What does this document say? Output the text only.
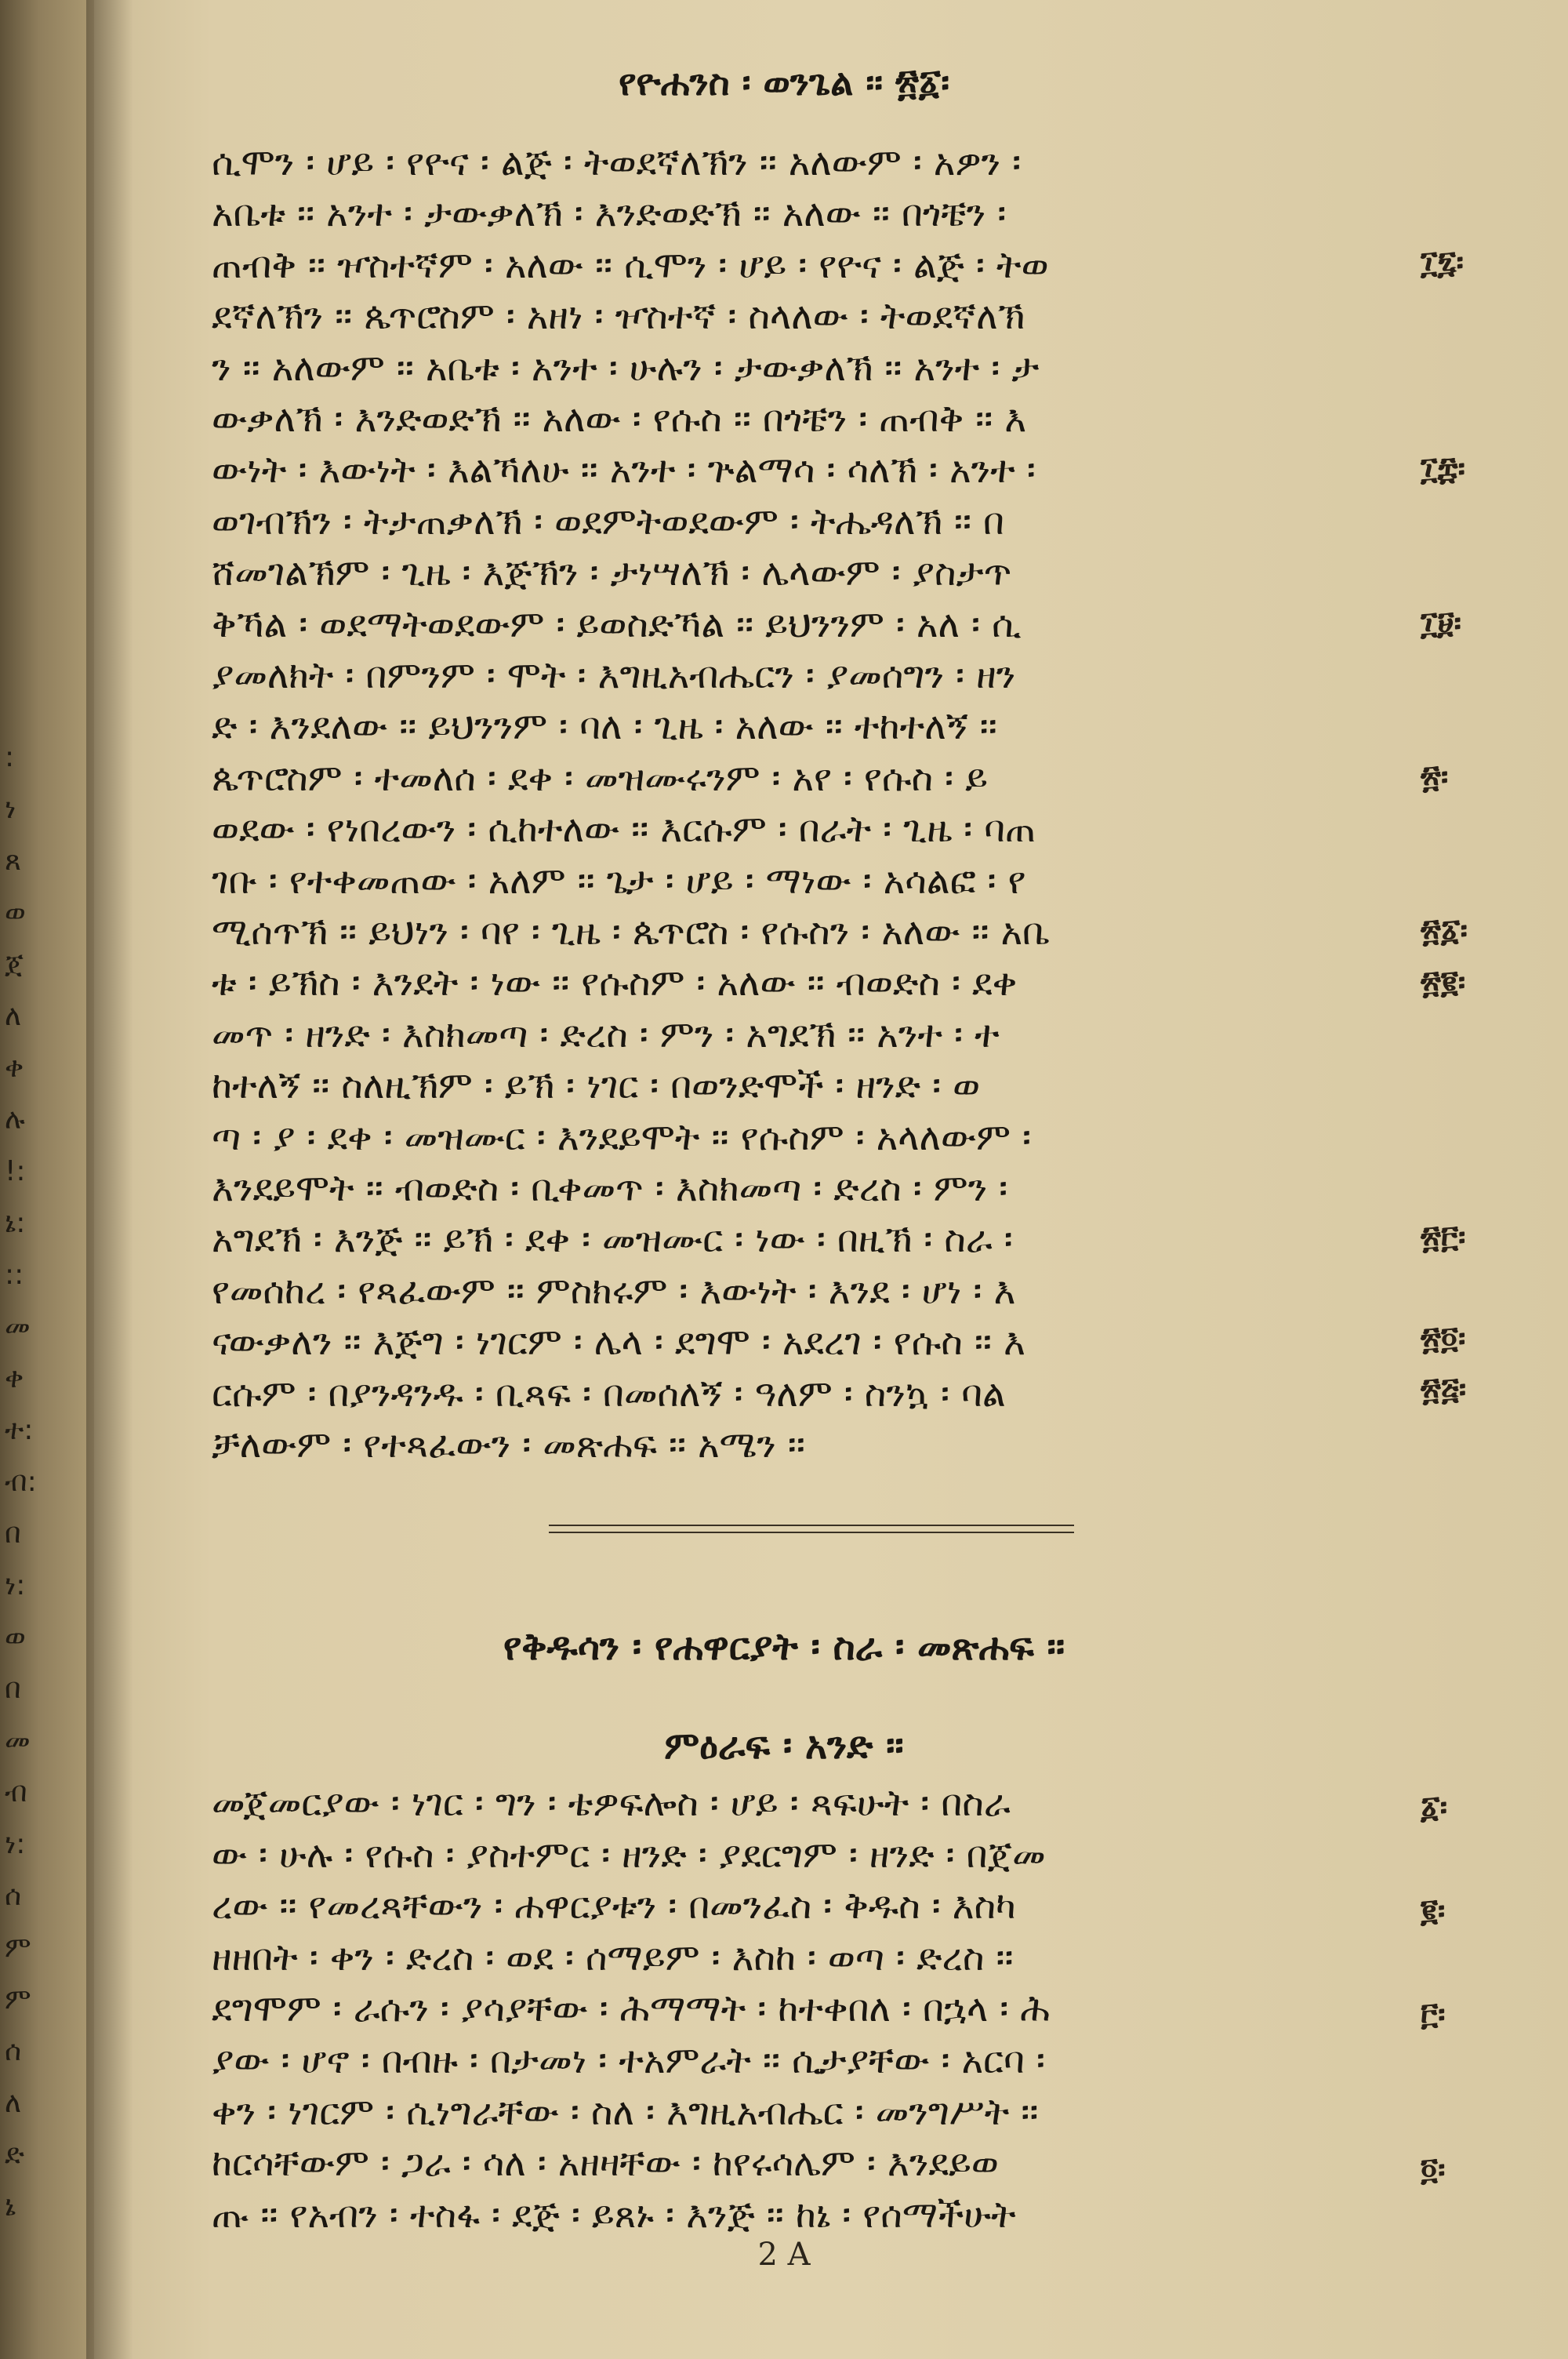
:
ነ
ጸ
ወ
ጀ
ለ
ቀ
ሉ
!:
ኔ:
::
መ
ቀ
ተ:
ብ:
በ
ነ:
ወ
በ
መ
ብ
ነ:
ሰ
ም
ም
ሰ
ለ
ድ
ኔ
የዮሐንስ ፡ ወንጌል ፡፡ ፳፩፡
ሲሞን ፡ ሆይ ፡ የዮና ፡ ልጅ ፡ ትወደኛለኽን ፡፡ አለውም ፡ አዎን ፡
አቤቱ ፡፡ አንተ ፡ ታውቃለኽ ፡ እንድወድኽ ፡፡ አለው ፡፡ በጎቼን ፡
ጠብቅ ፡፡ ዦስተኛም ፡ አለው ፡፡ ሲሞን ፡ ሆይ ፡ የዮና ፡ ልጅ ፡ ትወ
ደኛለኽን ፡፡ ጴጥሮስም ፡ አዘነ ፡ ዦስተኛ ፡ ስላለው ፡ ትወደኛለኽ
ን ፡፡ አለውም ፡፡ አቤቱ ፡ አንተ ፡ ሁሉን ፡ ታውቃለኽ ፡፡ አንተ ፡ ታ
ውቃለኽ ፡ እንድወድኽ ፡፡ አለው ፡ የሱስ ፡፡ በጎቼን ፡ ጠብቅ ፡፡ እ
ውነት ፡ እውነት ፡ እልኻለሁ ፡፡ አንተ ፡ ጕልማሳ ፡ ሳለኽ ፡ አንተ ፡
ወገብኽን ፡ ትታጠቃለኽ ፡ ወደምትወደውም ፡ ትሔዳለኽ ፡፡ በ
ሸመገልኽም ፡ ጊዜ ፡ እጅኽን ፡ ታነሣለኽ ፡ ሌላውም ፡ ያስታጥ
ቅኻል ፡ ወደማትወደውም ፡ ይወስድኻል ፡፡ ይህንንም ፡ አለ ፡ ሲ
ያመለክት ፡ በምንም ፡ ሞት ፡ እግዚአብሔርን ፡ ያመሰግን ፡ ዘን
ድ ፡ እንደለው ፡፡ ይህንንም ፡ ባለ ፡ ጊዜ ፡ አለው ፡፡ ተከተለኝ ፡፡
ጴጥሮስም ፡ ተመለሰ ፡ ደቀ ፡ መዝሙሩንም ፡ አየ ፡ የሱስ ፡ ይ
ወደው ፡ የነበረውን ፡ ሲከተለው ፡፡ እርሱም ፡ በራት ፡ ጊዜ ፡ ባጠ
ገቡ ፡ የተቀመጠው ፡ አለም ፡፡ ጌታ ፡ ሆይ ፡ ማነው ፡ አሳልፎ ፡ የ
ሚሰጥኽ ፡፡ ይህነን ፡ ባየ ፡ ጊዜ ፡ ጴጥሮስ ፡ የሱስን ፡ አለው ፡፡ አቤ
ቱ ፡ ይኽስ ፡ እንደት ፡ ነው ፡፡ የሱስም ፡ አለው ፡፡ ብወድስ ፡ ደቀ
መጥ ፡ ዘንድ ፡ እስክመጣ ፡ ድረስ ፡ ምን ፡ አግደኽ ፡፡ አንተ ፡ ተ
ከተለኝ ፡፡ ስለዚኽም ፡ ይኽ ፡ ነገር ፡ በወንድሞች ፡ ዘንድ ፡ ወ
ጣ ፡ ያ ፡ ደቀ ፡ መዝሙር ፡ እንደይሞት ፡፡ የሱስም ፡ አላለውም ፡
እንደይሞት ፡፡ ብወድስ ፡ ቢቀመጥ ፡ እስክመጣ ፡ ድረስ ፡ ምን ፡
አግደኽ ፡ እንጅ ፡፡ ይኽ ፡ ደቀ ፡ መዝሙር ፡ ነው ፡ በዚኽ ፡ ስራ ፡
የመሰከረ ፡ የጻፈውም ፡፡ ምስክሩም ፡ እውነት ፡ እንደ ፡ ሆነ ፡ እ
ናውቃለን ፡፡ እጅግ ፡ ነገርም ፡ ሌላ ፡ ደግሞ ፡ አደረገ ፡ የሱስ ፡፡ እ
ርሱም ፡ በያንዳንዱ ፡ ቢጻፍ ፡ በመሰለኝ ፡ ዓለም ፡ ስንኳ ፡ ባል
ቻለውም ፡ የተጻፈውን ፡ መጽሐፍ ፡፡ አሜን ፡፡
፲፯፡
፲፰፡
፲፱፡
፳፡
፳፩፡
፳፪፡
፳፫፡
፳፬፡
፳፭፡
የቅዱሳን ፡ የሐዋርያት ፡ ስራ ፡ መጽሐፍ ፡፡
ምዕራፍ ፡ አንድ ፡፡
መጀመርያው ፡ ነገር ፡ ግን ፡ ቴዎፍሎስ ፡ ሆይ ፡ ጻፍሁት ፡ በስራ
ው ፡ ሁሉ ፡ የሱስ ፡ ያስተምር ፡ ዘንድ ፡ ያደርግም ፡ ዘንድ ፡ በጀመ
ረው ፡፡ የመረጻቸውን ፡ ሐዋርያቱን ፡ በመንፈስ ፡ ቅዱስ ፡ እስካ
ዘዘበት ፡ ቀን ፡ ድረስ ፡ ወደ ፡ ሰማይም ፡ እስከ ፡ ወጣ ፡ ድረስ ፡፡
ደግሞም ፡ ራሱን ፡ ያሳያቸው ፡ ሕማማት ፡ ከተቀበለ ፡ በኋላ ፡ ሕ
ያው ፡ ሆኖ ፡ በብዙ ፡ በታመነ ፡ ተአምራት ፡፡ ሲታያቸው ፡ አርባ ፡
ቀን ፡ ነገርም ፡ ሲነግራቸው ፡ ስለ ፡ እግዚአብሔር ፡ መንግሥት ፡፡
ከርሳቸውም ፡ ጋራ ፡ ሳለ ፡ አዘዛቸው ፡ ከየሩሳሌም ፡ እንደይወ
ጡ ፡፡ የአብን ፡ ተስፋ ፡ ደጅ ፡ ይጸኑ ፡ እንጅ ፡፡ ከኔ ፡ የሰማችሁት
፩፡
፪፡
፫፡
፬፡
2 A
